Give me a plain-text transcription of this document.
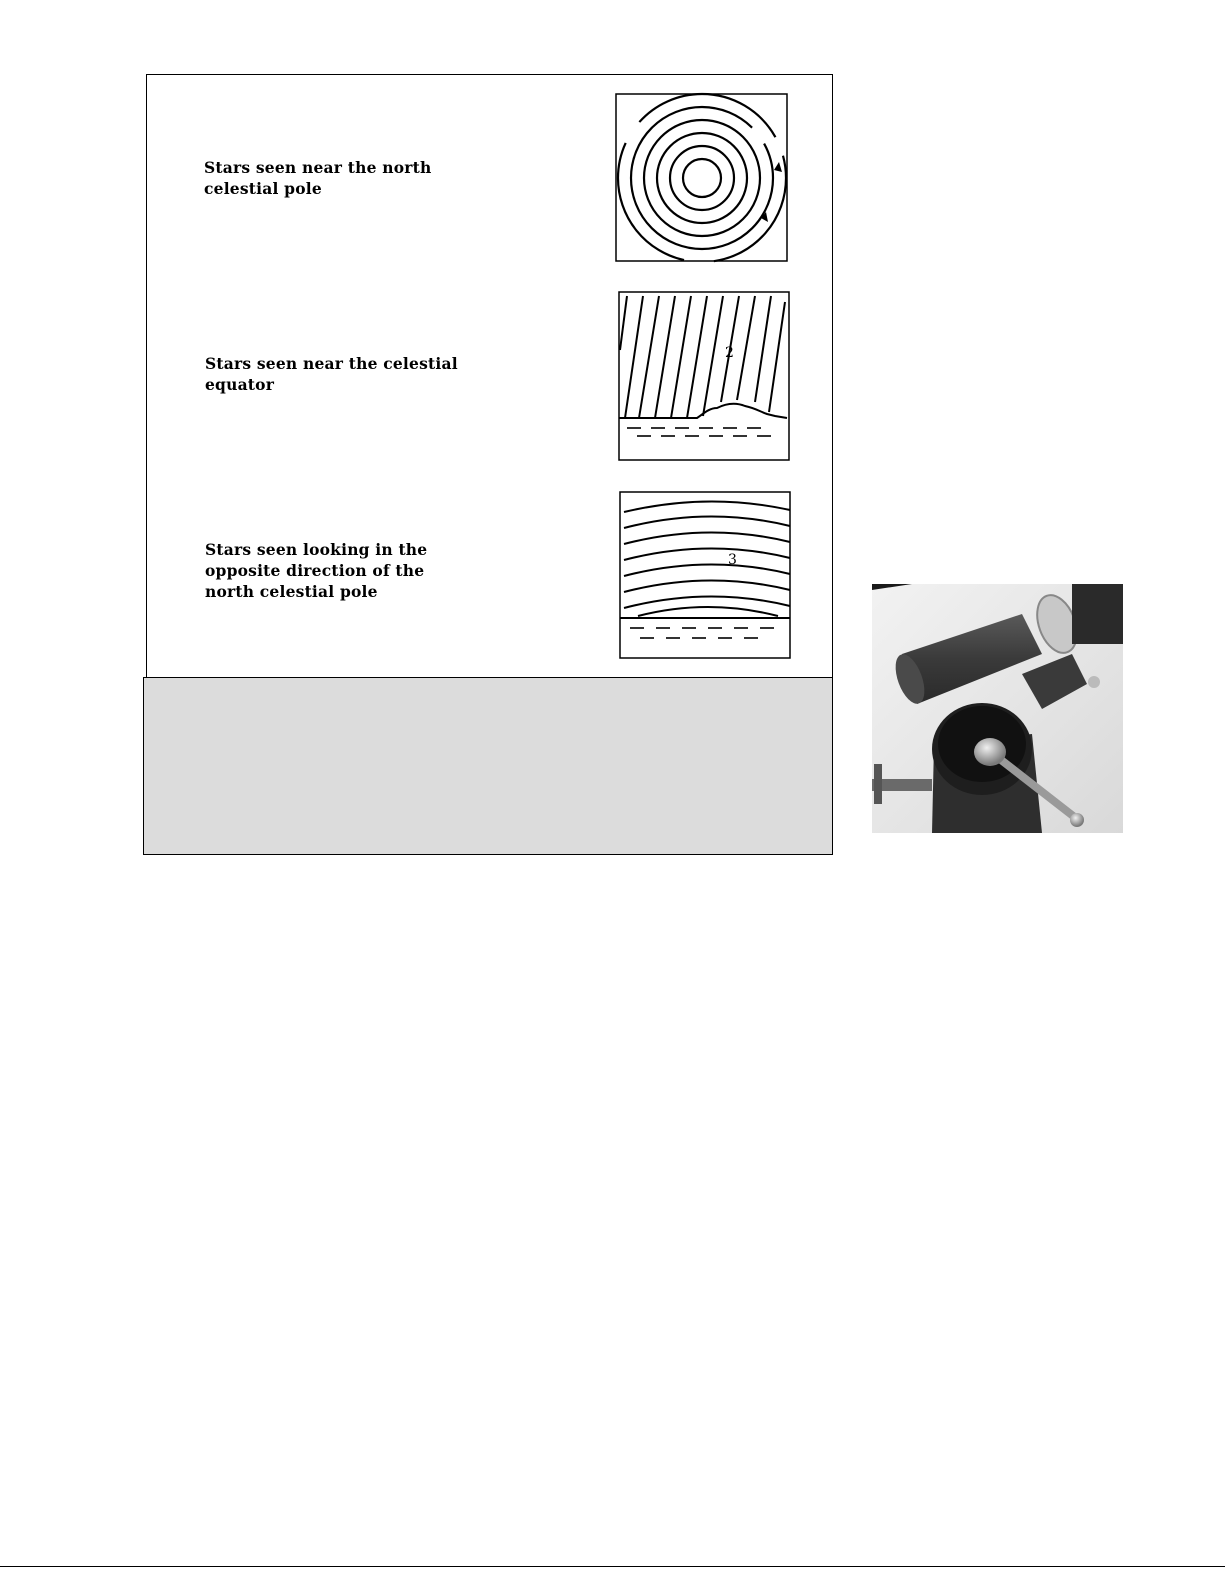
Stars seen near the north
celestial pole

Stars seen near the celestial
equator

2

Stars seen looking in the
opposite direction of the
north celestial pole

3
